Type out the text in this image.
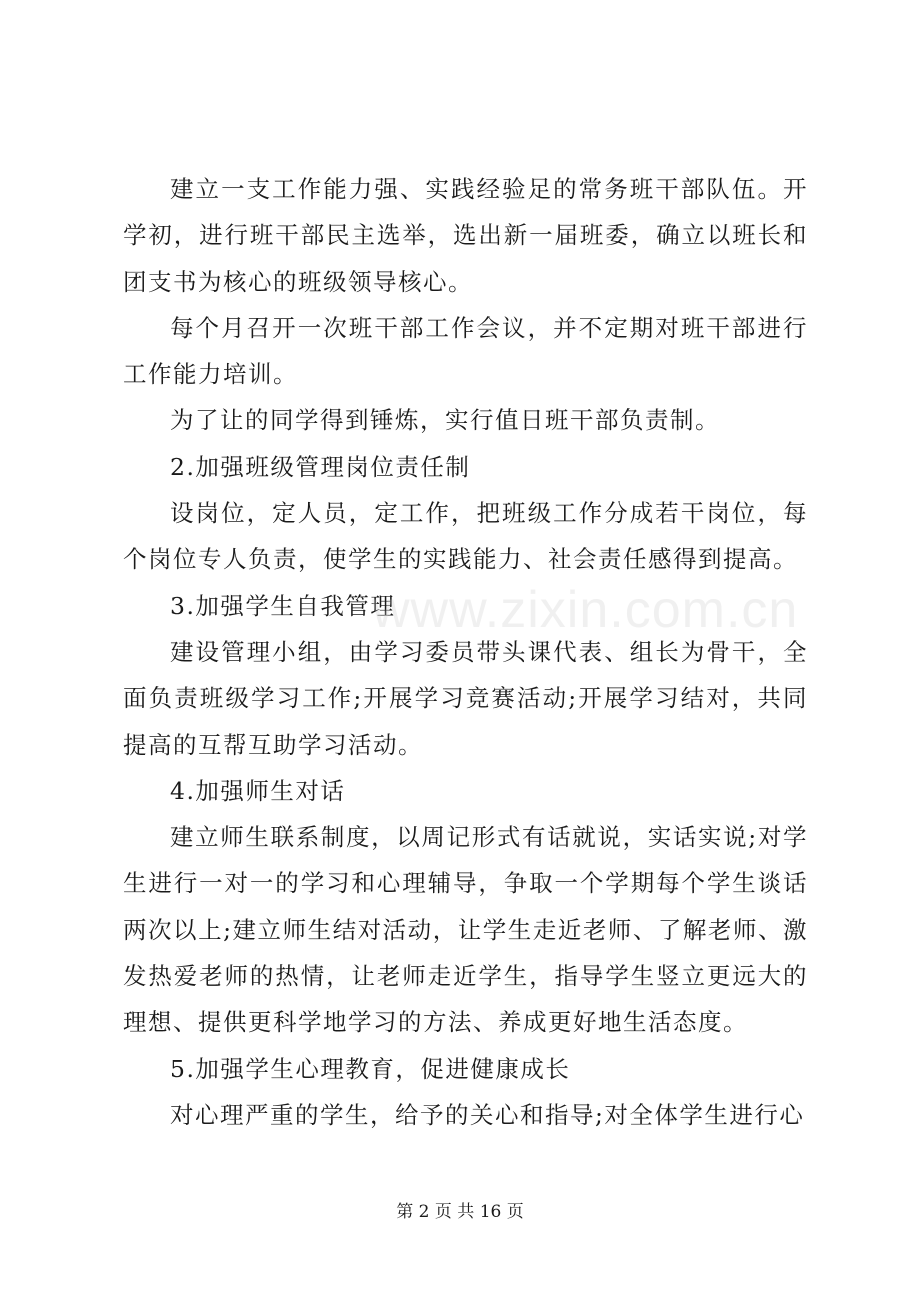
建立一支工作能力强、实践经验足的常务班干部队伍。开学初，进行班干部民主选举，选出新一届班委，确立以班长和团支书为核心的班级领导核心。

每个月召开一次班干部工作会议，并不定期对班干部进行工作能力培训。

为了让的同学得到锤炼，实行值日班干部负责制。

2.加强班级管理岗位责任制

设岗位，定人员，定工作，把班级工作分成若干岗位，每个岗位专人负责，使学生的实践能力、社会责任感得到提高。

3.加强学生自我管理

建设管理小组，由学习委员带头课代表、组长为骨干，全面负责班级学习工作;开展学习竞赛活动;开展学习结对，共同提高的互帮互助学习活动。

4.加强师生对话

建立师生联系制度，以周记形式有话就说，实话实说;对学生进行一对一的学习和心理辅导，争取一个学期每个学生谈话两次以上;建立师生结对活动，让学生走近老师、了解老师、激发热爱老师的热情，让老师走近学生，指导学生竖立更远大的理想、提供更科学地学习的方法、养成更好地生活态度。

5.加强学生心理教育，促进健康成长

对心理严重的学生，给予的关心和指导;对全体学生进行心

www.zixin.com.cn
第 2 页 共 16 页
